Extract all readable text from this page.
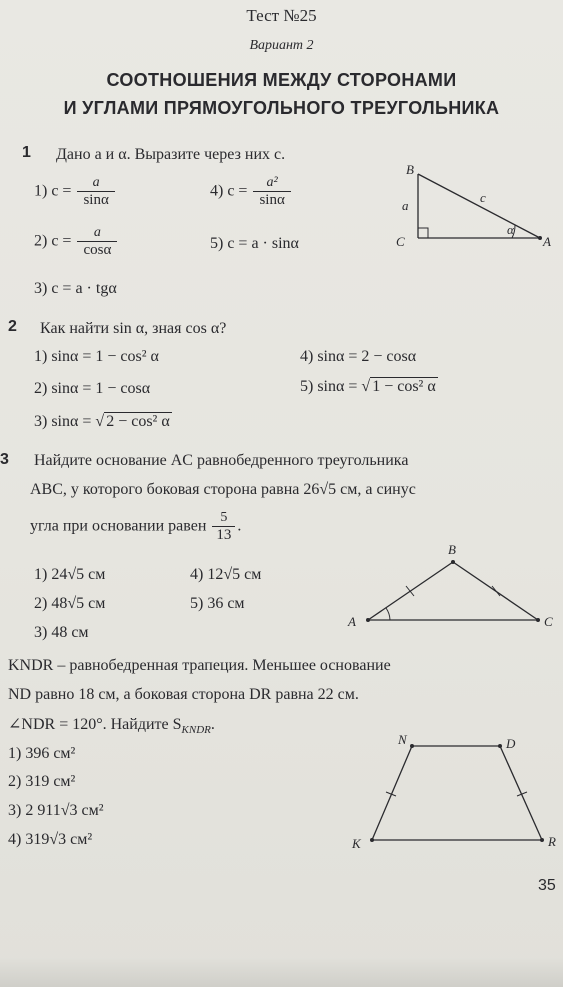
Тест №25
Вариант 2
СООТНОШЕНИЯ МЕЖДУ СТОРОНАМИ
И УГЛАМИ ПРЯМОУГОЛЬНОГО ТРЕУГОЛЬНИКА
1 Дано a и α. Выразите через них c.
1) $c = \frac{a}{\sin\alpha}$	4) $c = \frac{\text{a²}}{\sin\alpha}$
2) $c = \frac{a}{\cos\alpha}$	5) c = a · sinα
3) c = a · tgα
B
C	A
a
c
α
2 Как найти sin α, зная cos α?
1) sinα = 1 − cos² α	4) sinα = 2 − cosα
2) sinα = 1 − cosα	5) sinα = √ 1 − cos² α
3) sinα = √ 2 − cos² α
3 Найдите основание AC равнобедренного треугольника
ABC, у которого боковая сторона равна 26√5 см, а синус
угла при основании равен $\frac{5}{13}$ .
1) 24√5 см	4) 12√5 см
2) 48√5 см	5) 36 см
3) 48 см
B
A	C
KNDR – равнобедренная трапеция. Меньшее основание
ND равно 18 см, а боковая сторона DR равна 22 см.
∠NDR = 120°. Найдите $S_{KNDR}$.
1) 396 см²
2) 319 см²
3) 2 911√3 см²
4) 319√3 см²
N	D
K	R
35
